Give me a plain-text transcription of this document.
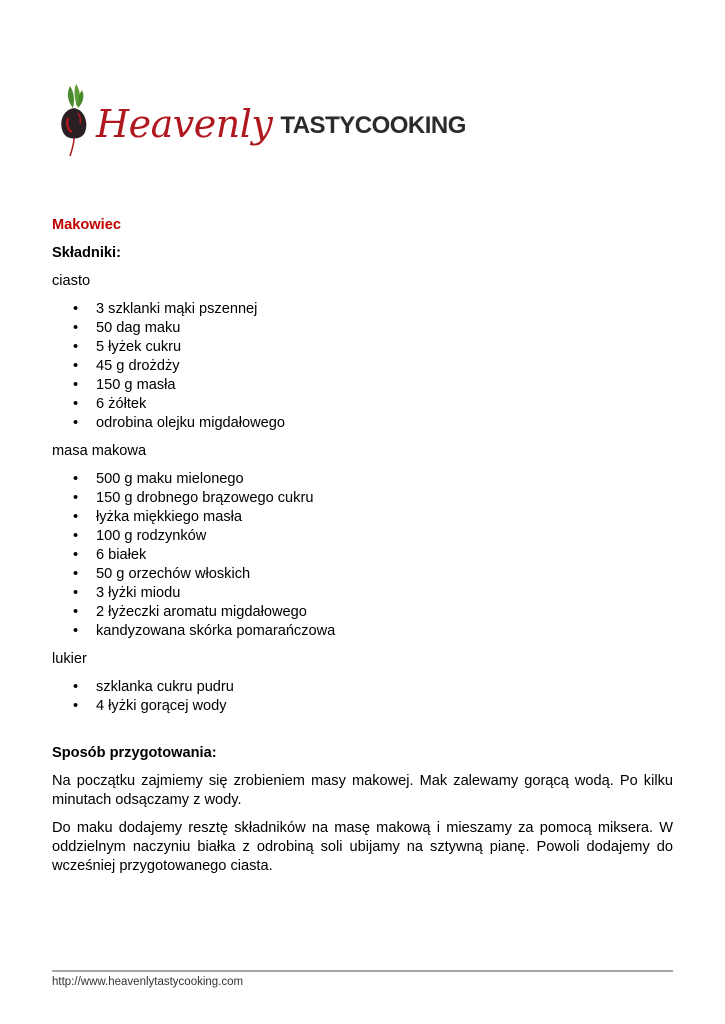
Heavenly TASTYCOOKING
Makowiec
Składniki:
ciasto
• 3 szklanki mąki pszennej
• 50 dag maku
• 5 łyżek cukru
• 45 g drożdży
• 150 g masła
• 6 żółtek
• odrobina olejku migdałowego
masa makowa
• 500 g maku mielonego
• 150 g drobnego brązowego cukru
• łyżka miękkiego masła
• 100 g rodzynków
• 6 białek
• 50 g orzechów włoskich
• 3 łyżki miodu
• 2 łyżeczki aromatu migdałowego
• kandyzowana skórka pomarańczowa
lukier
• szklanka cukru pudru
• 4 łyżki gorącej wody
Sposób przygotowania:

Na początku zajmiemy się zrobieniem masy makowej. Mak zalewamy gorącą wodą. Po kilku minutach odsączamy z wody.

Do maku dodajemy resztę składników na masę makową i mieszamy za pomocą miksera. W oddzielnym naczyniu białka z odrobiną soli ubijamy na sztywną pianę. Powoli dodajemy do wcześniej przygotowanego ciasta.

http://www.heavenlytastycooking.com
